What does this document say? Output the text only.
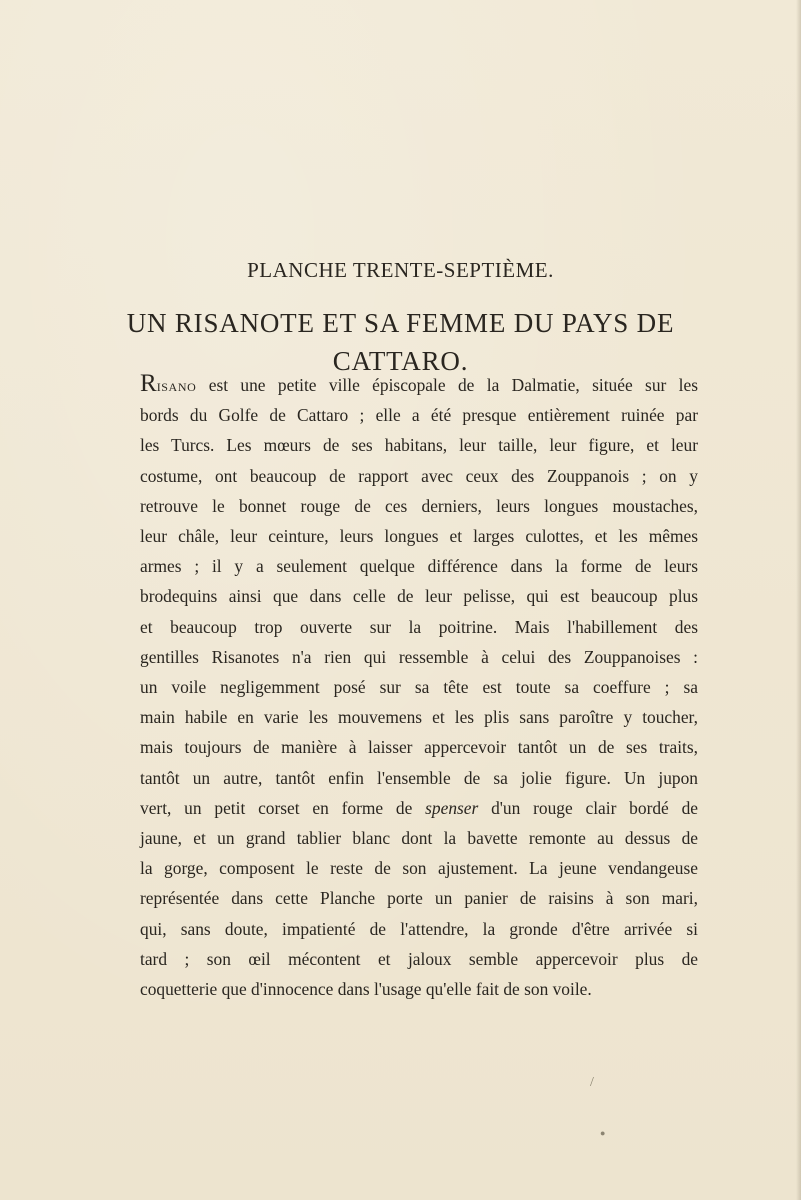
PLANCHE TRENTE-SEPTIÈME.
UN RISANOTE ET SA FEMME DU PAYS DE
CATTARO.
Risano est une petite ville épiscopale de la Dalmatie, située sur les
bords du Golfe de Cattaro ; elle a été presque entièrement ruinée par
les Turcs. Les mœurs de ses habitans, leur taille, leur figure, et leur
costume, ont beaucoup de rapport avec ceux des Zouppanois ; on y
retrouve le bonnet rouge de ces derniers, leurs longues moustaches,
leur châle, leur ceinture, leurs longues et larges culottes, et les mêmes
armes ; il y a seulement quelque différence dans la forme de leurs
brodequins ainsi que dans celle de leur pelisse, qui est beaucoup plus
et beaucoup trop ouverte sur la poitrine. Mais l'habillement des
gentilles Risanotes n'a rien qui ressemble à celui des Zouppanoises :
un voile negligemment posé sur sa tête est toute sa coeffure ; sa
main habile en varie les mouvemens et les plis sans paroître y toucher,
mais toujours de manière à laisser appercevoir tantôt un de ses traits,
tantôt un autre, tantôt enfin l'ensemble de sa jolie figure. Un jupon
vert, un petit corset en forme de spenser d'un rouge clair bordé de
jaune, et un grand tablier blanc dont la bavette remonte au dessus de
la gorge, composent le reste de son ajustement. La jeune vendangeuse
représentée dans cette Planche porte un panier de raisins à son mari,
qui, sans doute, impatienté de l'attendre, la gronde d'être arrivée si
tard ; son œil mécontent et jaloux semble appercevoir plus de
coquetterie que d'innocence dans l'usage qu'elle fait de son voile.
/
●
